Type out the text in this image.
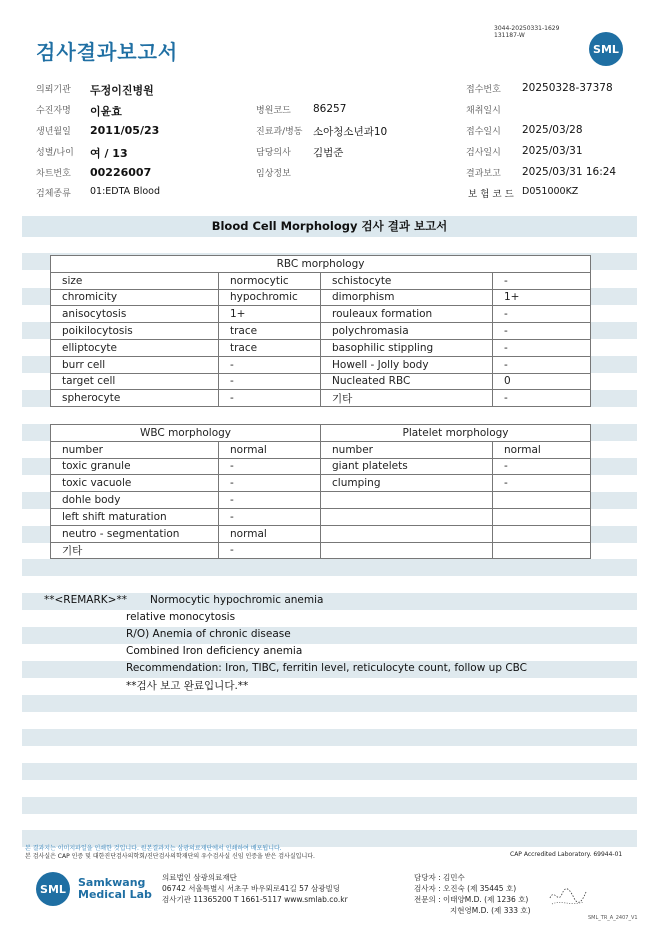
검사결과보고서
3044-20250331-1629
131187-W
SML
의뢰기관 두정이진병원	접수번호 20250328-37378
수진자명 이윤효	병원코드 86257	채취일시
생년월일 2011/05/23	진료과/병동 소아청소년과10	접수일시 2025/03/28
성별/나이 여 / 13	담당의사 김범준	검사일시 2025/03/31
차트번호 00226007	임상정보	결과보고 2025/03/31 16:24
검체종류 01:EDTA Blood	보 험 코 드 D051000KZ
Blood Cell Morphology 검사 결과 보고서
RBC morphology			
size	normocytic	schistocyte	-
chromicity	hypochromic	dimorphism	1+
anisocytosis	1+	rouleaux formation	-
poikilocytosis	trace	polychromasia	-
elliptocyte	trace	basophilic stippling	-
burr cell	-	Howell - Jolly body	-
target cell	-	Nucleated RBC	0
spherocyte	-	기타	-
WBC morphology		Platelet morphology	
number	normal	number	normal
toxic granule	-	giant platelets	-
toxic vacuole	-	clumping	-
dohle body	-		
left shift maturation	-		
neutro - segmentation	normal		
기타	-		
**<REMARK>** Normocytic hypochromic anemia
relative monocytosis
R/O) Anemia of chronic disease
Combined Iron deficiency anemia
Recommendation: Iron, TIBC, ferritin level, reticulocyte count, follow up CBC
**검사 보고 완료입니다.**
본 결과지는 이미지파일을 인쇄한 것입니다. 원본결과지는 삼광의료재단에서 인쇄하여 배포됩니다.
본 검사실은 CAP 인증 및 대한진단검사의학회/진단검사의학재단의 우수검사실 신임 인증을 받은 검사실입니다.	CAP Accredited Laboratory. 69944-01
SML	Samkwang
Medical Lab
의료법인 삼광의료재단
06742 서울특별시 서초구 바우뫼로41길 57 삼광빌딩
검사기관 11365200 T 1661-5117 www.smlab.co.kr
담당자 : 김민수
검사자 : 오진숙 (제 35445 호)
전문의 : 이태양M.D. (제 1236 호)
지현영M.D. (제 333 호)
SML_TR_A_2407_V1
